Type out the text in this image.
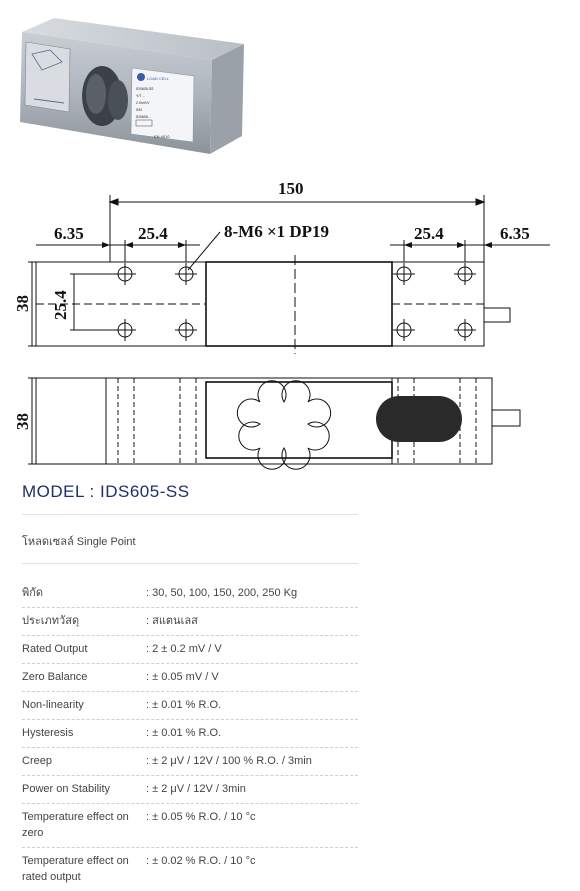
LOAD CELL
IDS605-SS
Y/T ...
2.0mV/V
S/N
IDS605...
EN 4010
150
6.35	25.4	8-M6 ×1 DP19	25.4	6.35
38 25.4
38
MODEL : IDS605-SS
โหลดเซลล์ Single Point
พิกัด	: 30, 50, 100, 150, 200, 250 Kg
ประเภทวัสดุ	: สแตนเลส
Rated Output	: 2 ± 0.2 mV / V
Zero Balance	: ± 0.05 mV / V
Non-linearity	: ± 0.01 % R.O.
Hysteresis	: ± 0.01 % R.O.
Creep	: ± 2 μV / 12V / 100 % R.O. / 3min
Power on Stability	: ± 2 μV / 12V / 3min
Temperature effect on zero
: ± 0.05 % R.O. / 10 °c
Temperature effect on rated output
: ± 0.02 % R.O. / 10 °c
